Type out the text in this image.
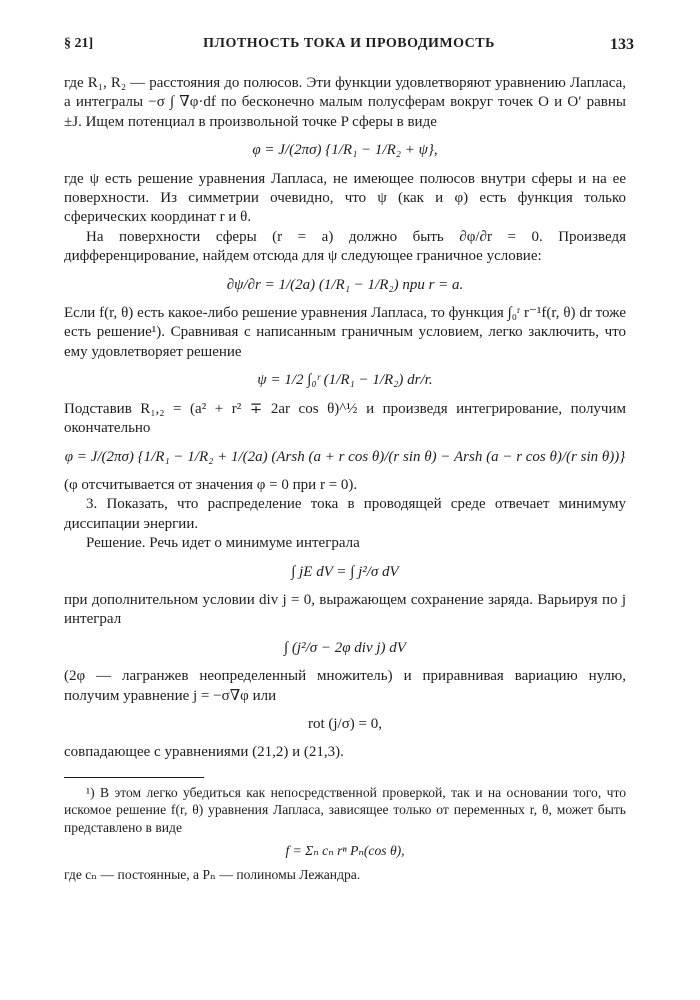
§ 21]	ПЛОТНОСТЬ ТОКА И ПРОВОДИМОСТЬ	133

где R₁, R₂ — расстояния до полюсов. Эти функции удовлетворяют уравнению Лапласа, а интегралы −σ ∫ ∇φ·df по бесконечно малым полусферам вокруг точек O и O′ равны ±J. Ищем потенциал в произвольной точке P сферы в виде

φ = J/(2πσ) {1/R₁ − 1/R₂ + ψ},

где ψ есть решение уравнения Лапласа, не имеющее полюсов внутри сферы и на ее поверхности. Из симметрии очевидно, что ψ (как и φ) есть функция только сферических координат r и θ.

На поверхности сферы (r = a) должно быть ∂φ/∂r = 0. Произведя дифференцирование, найдем отсюда для ψ следующее граничное условие:

∂ψ/∂r = 1/(2a) (1/R₁ − 1/R₂) при r = a.

Если f(r, θ) есть какое-либо решение уравнения Лапласа, то функция ∫₀ʳ r⁻¹f(r, θ) dr тоже есть решение¹). Сравнивая с написанным граничным условием, легко заключить, что ему удовлетворяет решение

ψ = 1/2 ∫₀ʳ (1/R₁ − 1/R₂) dr/r.

Подставив R₁,₂ = (a² + r² ∓ 2ar cos θ)^½ и произведя интегрирование, получим окончательно

φ = J/(2πσ) {1/R₁ − 1/R₂ + 1/(2a) (Arsh (a + r cos θ)/(r sin θ) − Arsh (a − r cos θ)/(r sin θ))}

(φ отсчитывается от значения φ = 0 при r = 0).

3. Показать, что распределение тока в проводящей среде отвечает минимуму диссипации энергии.

Решение. Речь идет о минимуме интеграла

∫ jE dV = ∫ j²/σ dV

при дополнительном условии div j = 0, выражающем сохранение заряда. Варьируя по j интеграл

∫ (j²/σ − 2φ div j) dV

(2φ — лагранжев неопределенный множитель) и приравнивая вариацию нулю, получим уравнение j = −σ∇φ или

rot (j/σ) = 0,

совпадающее с уравнениями (21,2) и (21,3).

¹) В этом легко убедиться как непосредственной проверкой, так и на основании того, что искомое решение f(r, θ) уравнения Лапласа, зависящее только от переменных r, θ, может быть представлено в виде

f = Σₙ cₙ rⁿ Pₙ(cos θ),

где cₙ — постоянные, а Pₙ — полиномы Лежандра.
